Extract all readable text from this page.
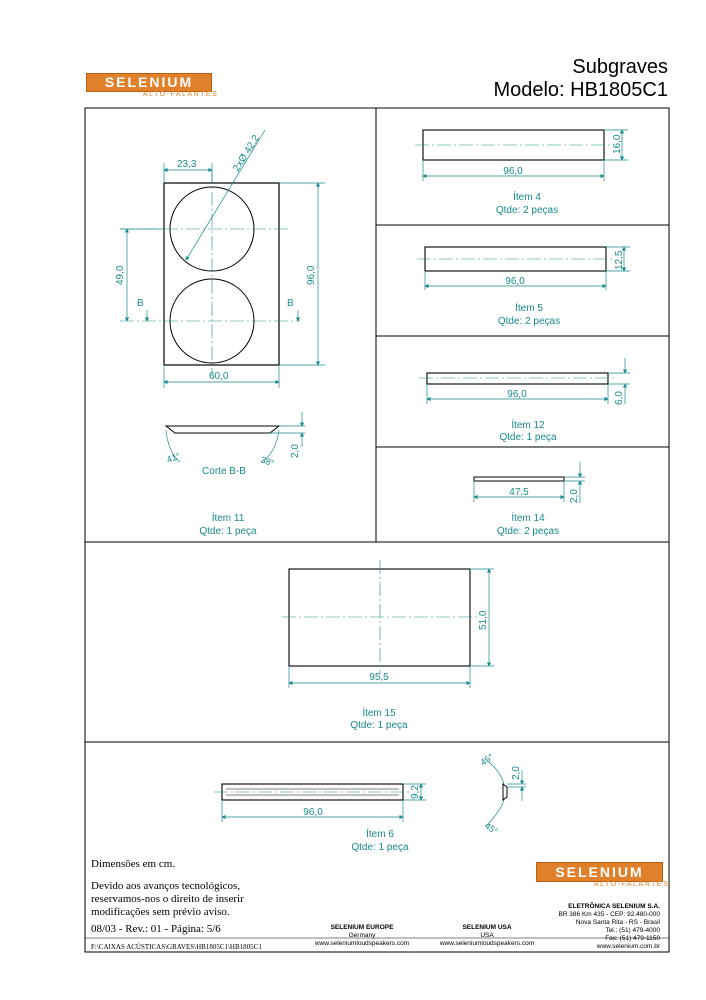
Subgraves
Modelo: HB1805C1
SELENIUM
ALTO-FALANTES
23,3	2xØ 42,2
49,0	96,0
60,0
B	B
2,0
41°	38°
Corte B-B
Ítem 11
Qtde: 1 peça
16,0
96,0
Ítem 4
Qtde: 2 peças
12,5
96,0
Ítem 5
Qtde: 2 peças
6,0
96,0
Ítem 12
Qtde: 1 peça
2,0
47,5
Ítem 14
Qtde: 2 peças
51,0
95,5
Ítem 15
Qtde: 1 peça
9,2
96,0
2,0
45°
45°
Ítem 6
Qtde: 1 peça
Dimensões em cm.
Devido aos avanços tecnológicos,
reservamos-nos o direito de inserir
modificações sem prévio aviso.
08/03 - Rev.: 01 - Página: 5/6
F:\CAIXAS ACÚSTICAS\GRAVES\HB1805C1\HB1805C1
SELENIUM EUROPE
Germany
www.seleniumloudspeakers.com
SELENIUM USA
USA
www.seleniumloudspeakers.com
SELENIUM
ALTO-FALANTES
ELETRÔNICA SELENIUM S.A.
BR 386 Km 435 - CEP: 92.480-000
Nova Santa Rita - RS - Brasil
Tel.: (51) 479-4000
Fax: (51) 479-1150
www.selenium.com.br
